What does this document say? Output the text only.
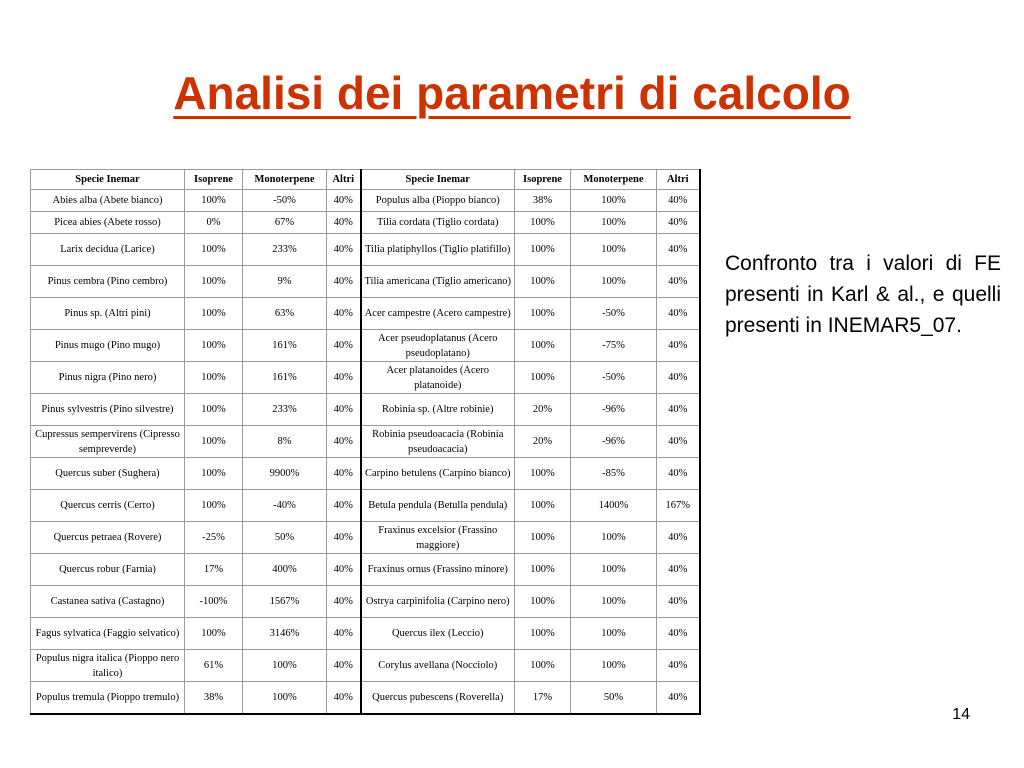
Analisi dei parametri di calcolo
Specie Inemar	Isoprene	Monoterpene	Altri	Specie Inemar	Isoprene	Monoterpene	Altri
Abies alba (Abete bianco)	100%	-50%	40%	Populus alba (Pioppo bianco)	38%	100%	40%
Picea abies (Abete rosso)	0%	67%	40%	Tilia cordata (Tiglio cordata)	100%	100%	40%
Larix decidua (Larice)	100%	233%	40%	Tilia platiphyllos (Tiglio platifillo)	100%	100%	40%
Pinus cembra (Pino cembro)	100%	9%	40%	Tilia americana (Tiglio americano)	100%	100%	40%
Pinus sp. (Altri pini)	100%	63%	40%	Acer campestre (Acero campestre)	100%	-50%	40%
Pinus mugo (Pino mugo)	100%	161%	40%	Acer pseudoplatanus (Acero pseudoplatano)	100%	-75%	40%
Pinus nigra (Pino nero)	100%	161%	40%	Acer platanoides (Acero platanoide)	100%	-50%	40%
Pinus sylvestris (Pino silvestre)	100%	233%	40%	Robinia sp. (Altre robinie)	20%	-96%	40%
Cupressus sempervirens (Cipresso sempreverde)	100%	8%	40%	Robinia pseudoacacia (Robinia pseudoacacia)	20%	-96%	40%
Quercus suber (Sughera)	100%	9900%	40%	Carpino betulens (Carpino bianco)	100%	-85%	40%
Quercus cerris (Cerro)	100%	-40%	40%	Betula pendula (Betulla pendula)	100%	1400%	167%
Quercus petraea (Rovere)	-25%	50%	40%	Fraxinus excelsior (Frassino maggiore)	100%	100%	40%
Quercus robur (Farnia)	17%	400%	40%	Fraxinus ornus (Frassino minore)	100%	100%	40%
Castanea sativa (Castagno)	-100%	1567%	40%	Ostrya carpinifolia (Carpino nero)	100%	100%	40%
Fagus sylvatica (Faggio selvatico)	100%	3146%	40%	Quercus ilex (Leccio)	100%	100%	40%
Populus nigra italica (Pioppo nero italico)	61%	100%	40%	Corylus avellana (Nocciolo)	100%	100%	40%
Populus tremula (Pioppo tremulo)	38%	100%	40%	Quercus pubescens (Roverella)	17%	50%	40%

Confronto tra i valori di FE presenti in Karl & al., e quelli presenti in INEMAR5_07.

14
